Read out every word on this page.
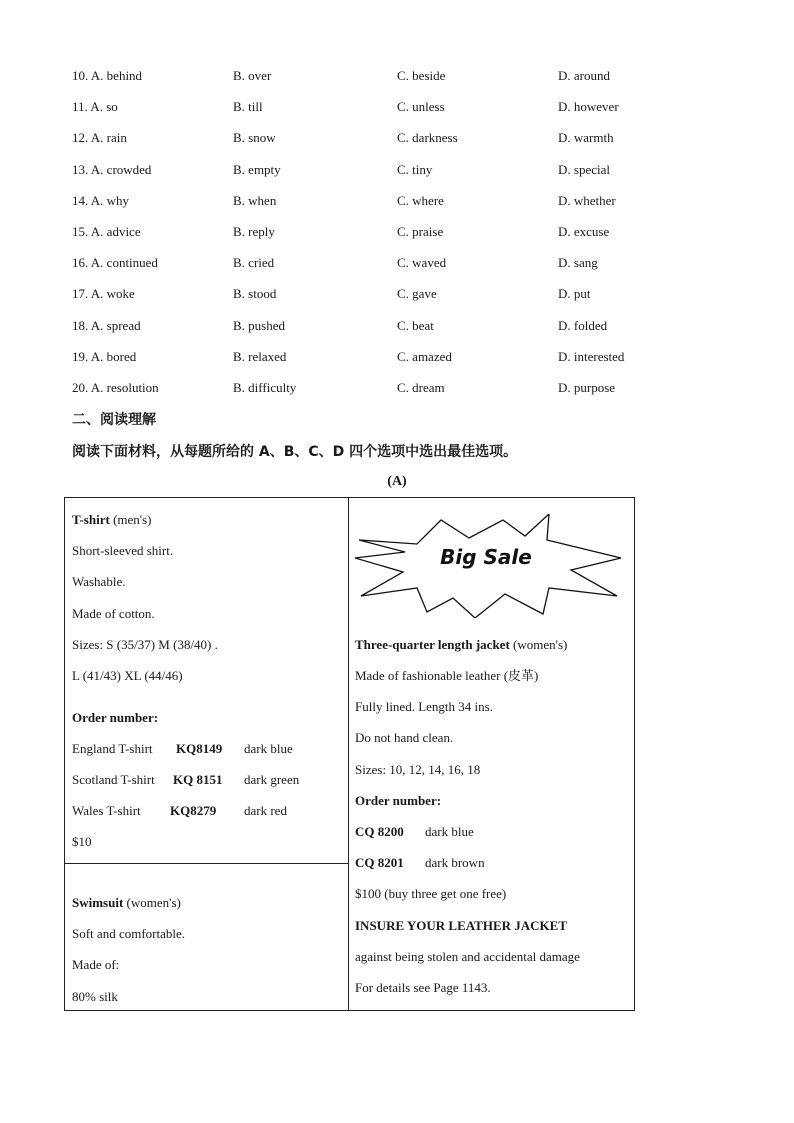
10. A. behind	B. over	C. beside	D. around
11. A. so	B. till	C. unless	D. however
12. A. rain	B. snow	C. darkness	D. warmth
13. A. crowded	B. empty	C. tiny	D. special
14. A. why	B. when	C. where	D. whether
15. A. advice	B. reply	C. praise	D. excuse
16. A. continued	B. cried	C. waved	D. sang
17. A. woke	B. stood	C. gave	D. put
18. A. spread	B. pushed	C. beat	D. folded
19. A. bored	B. relaxed	C. amazed	D. interested
20. A. resolution	B. difficulty	C. dream	D. purpose
二、阅读理解
阅读下面材料，从每题所给的 A、B、C、D 四个选项中选出最佳选项。
(A)
T-shirt (men's)
Short-sleeved shirt.
Washable.
Made of cotton.
Sizes: S (35/37) M (38/40) .
L (41/43) XL (44/46)
Order number:
England T-shirt KQ8149 dark blue
Scotland T-shirt KQ 8151 dark green
Wales T-shirt KQ8279 dark red
$10
Swimsuit (women's)
Soft and comfortable.
Made of:
80% silk
Big Sale
Three-quarter length jacket (women's)
Made of fashionable leather (皮革)
Fully lined. Length 34 ins.
Do not hand clean.
Sizes: 10, 12, 14, 16, 18
Order number:
CQ 8200 dark blue
CQ 8201 dark brown
$100 (buy three get one free)
INSURE YOUR LEATHER JACKET
against being stolen and accidental damage
For details see Page 1143.
